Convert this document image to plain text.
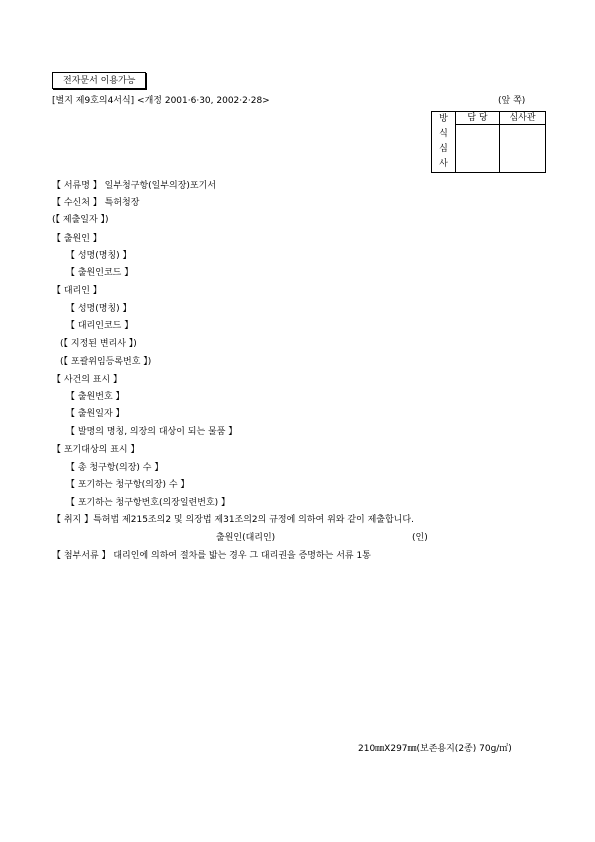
전자문서 이용가능
[별지 제9호의4서식] <개정 2001·6·30, 2002·2·28>	(앞 쪽)
방
식
심
사	담 당	심사관

【 서류명 】 일부청구항(일부의장)포기서
【 수신처 】 특허청장
(【 제출일자 】)
【 출원인 】
【 성명(명칭) 】
【 출원인코드 】
【 대리인 】
【 성명(명칭) 】
【 대리인코드 】
(【 지정된 변리사 】)
(【 포괄위임등록번호 】)
【 사건의 표시 】
【 출원번호 】
【 출원일자 】
【 발명의 명칭, 의장의 대상이 되는 물품 】
【 포기대상의 표시 】
【 총 청구항(의장) 수 】
【 포기하는 청구항(의장) 수 】
【 포기하는 청구항번호(의장일련번호) 】
【 취지 】특허법 제215조의2 및 의장법 제31조의2의 규정에 의하여 위와 같이 제출합니다.
출원인(대리인)	(인)
【 첨부서류 】 대리인에 의하여 절차를 밟는 경우 그 대리권을 증명하는 서류 1통
210㎜X297㎜(보존용지(2종) 70g/㎡)
